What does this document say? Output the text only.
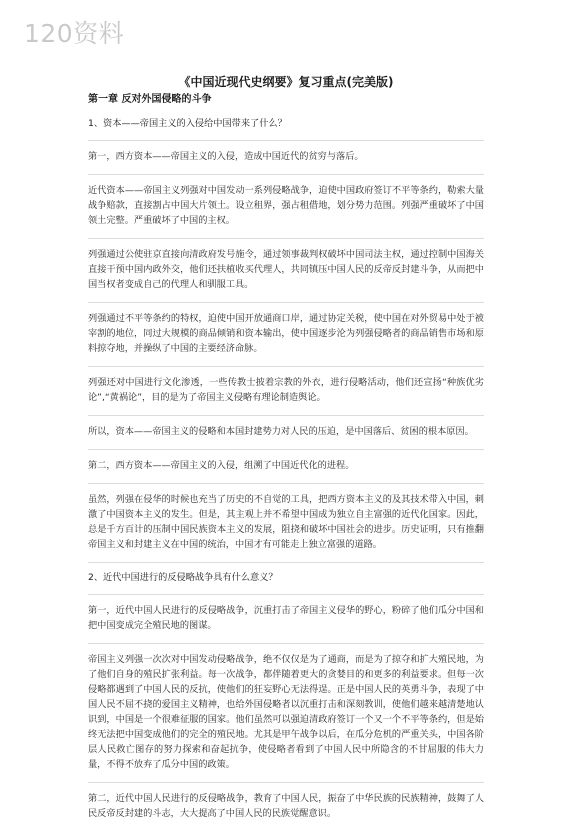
120资料
《中国近现代史纲要》复习重点(完美版)
第一章 反对外国侵略的斗争
1、资本——帝国主义的入侵给中国带来了什么？
第一，西方资本——帝国主义的入侵，造成中国近代的贫穷与落后。
近代资本——帝国主义列强对中国发动一系列侵略战争，迫使中国政府签订不平等条约，勒索大量战争赔款，直接割占中国大片领土。设立租界，强占租借地，划分势力范围。列强严重破坏了中国领土完整。严重破坏了中国的主权。
列强通过公使驻京直接向清政府发号施令，通过领事裁判权破坏中国司法主权，通过控制中国海关直接干预中国内政外交，他们还扶植收买代理人，共同镇压中国人民的反帝反封建斗争，从而把中国当权者变成自己的代理人和驯服工具。
列强通过不平等条约的特权，迫使中国开放通商口岸，通过协定关税，使中国在对外贸易中处于被宰割的地位，同过大规模的商品倾销和资本输出，使中国逐步沦为列强侵略者的商品销售市场和原料掠夺地，并操纵了中国的主要经济命脉。
列强还对中国进行文化渗透，一些传教士披着宗教的外衣，进行侵略活动，他们还宣扬“种族优劣论”,“黄祸论”，目的是为了帝国主义侵略有理论制造舆论。
所以，资本——帝国主义的侵略和本国封建势力对人民的压迫，是中国落后、贫困的根本原因。
第二，西方资本——帝国主义的入侵，组溯了中国近代化的进程。
虽然，列强在侵华的时候也充当了历史的不自觉的工具，把西方资本主义的及其技术带入中国，刺激了中国资本主义的发生。但是，其主观上并不希望中国成为独立自主富强的近代化国家。因此，总是千方百计的压制中国民族资本主义的发展，阻挠和破坏中国社会的进步。历史证明，只有推翻帝国主义和封建主义在中国的统治，中国才有可能走上独立富强的道路。
2、近代中国进行的反侵略战争具有什么意义？
第一，近代中国人民进行的反侵略战争，沉重打击了帝国主义侵华的野心，粉碎了他们瓜分中国和把中国变成完全殖民地的图谋。
帝国主义列强一次次对中国发动侵略战争，绝不仅仅是为了通商，而是为了掠夺和扩大殖民地，为了他们自身的殖民扩张利益。每一次战争，都伴随着更大的贪婪目的和更多的利益要求。但每一次侵略都遇到了中国人民的反抗，使他们的狂妄野心无法得逞。正是中国人民的英勇斗争，表现了中国人民不屈不挠的爱国主义精神，也给外国侵略者以沉重打击和深刻教训，使他们越来越清楚地认识到，中国是一个很难征服的国家。他们虽然可以强迫清政府签订一个又一个不平等条约，但是始终无法把中国变成他们的完全的殖民地。尤其是甲午战争以后，在瓜分危机的严重关头，中国各阶层人民救亡图存的努力探索和奋起抗争，使侵略者看到了中国人民中所隐含的不甘屈服的伟大力量，不得不放弃了瓜分中国的政策。
第二，近代中国人民进行的反侵略战争，教育了中国人民，振奋了中华民族的民族精神，鼓舞了人民反帝反封建的斗志，大大提高了中国人民的民族觉醒意识。
